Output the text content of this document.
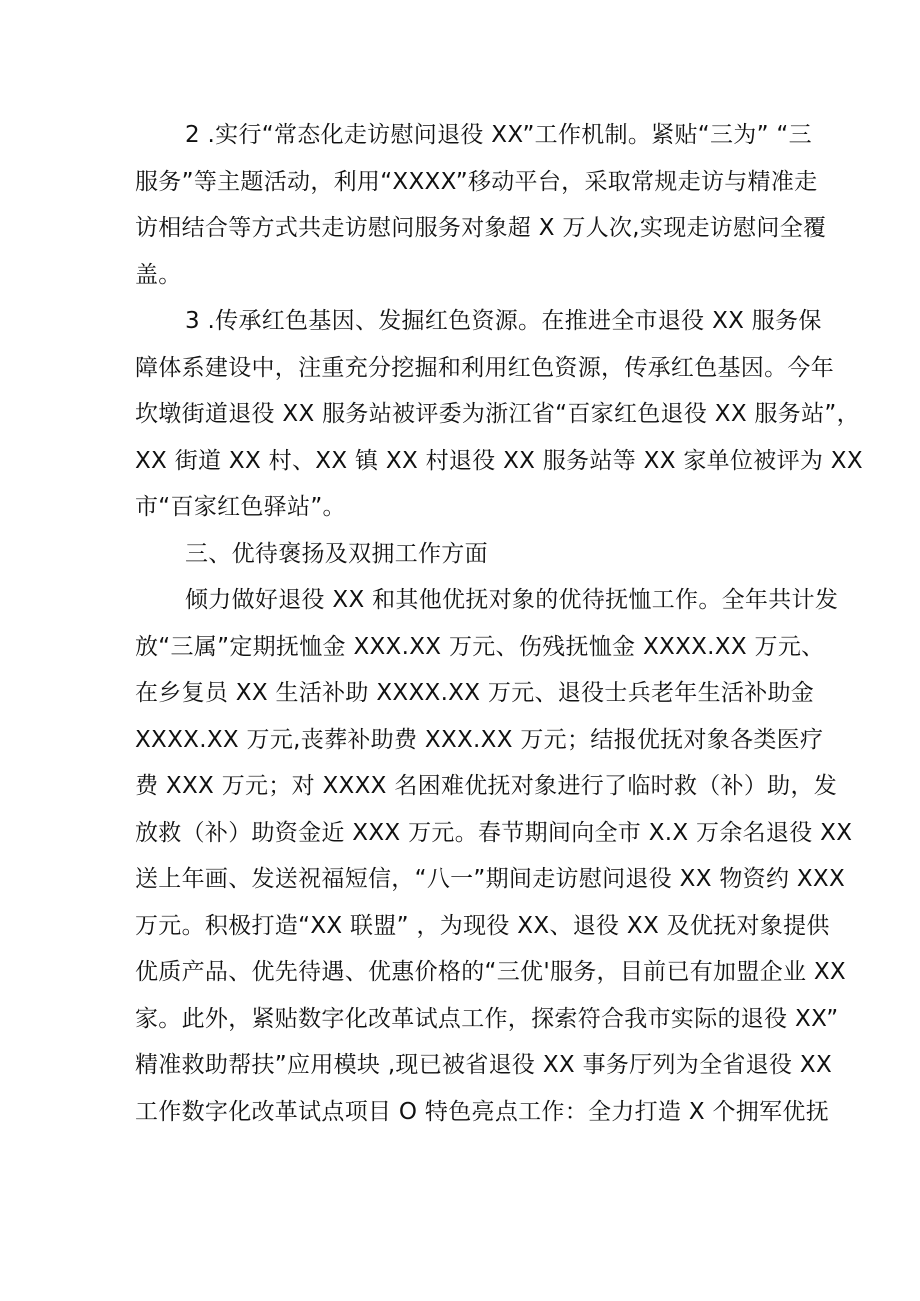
2 .实行“常态化走访慰问退役 XX”工作机制。紧贴“三为” “三
服务”等主题活动，利用“XXXX”移动平台，采取常规走访与精准走
访相结合等方式共走访慰问服务对象超 X 万人次,实现走访慰问全覆
盖。
3 .传承红色基因、发掘红色资源。在推进全市退役 XX 服务保
障体系建设中，注重充分挖掘和利用红色资源，传承红色基因。今年
坎墩街道退役 XX 服务站被评委为浙江省“百家红色退役 XX 服务站”，
XX 街道 XX 村、XX 镇 XX 村退役 XX 服务站等 XX 家单位被评为 XX
市“百家红色驿站”。
三、优待褒扬及双拥工作方面
倾力做好退役 XX 和其他优抚对象的优待抚恤工作。全年共计发
放“三属”定期抚恤金 XXX.XX 万元、伤残抚恤金 XXXX.XX 万元、
在乡复员 XX 生活补助 XXXX.XX 万元、退役士兵老年生活补助金
XXXX.XX 万元,丧葬补助费 XXX.XX 万元；结报优抚对象各类医疗
费 XXX 万元；对 XXXX 名困难优抚对象进行了临时救（补）助，发
放救（补）助资金近 XXX 万元。春节期间向全市 X.X 万余名退役 XX
送上年画、发送祝福短信，“八一”期间走访慰问退役 XX 物资约 XXX
万元。积极打造“XX 联盟” ，为现役 XX、退役 XX 及优抚对象提供
优质产品、优先待遇、优惠价格的“三优'服务，目前已有加盟企业 XX
家。此外，紧贴数字化改革试点工作，探索符合我市实际的退役 XX”
精准救助帮扶”应用模块 ,现已被省退役 XX 事务厅列为全省退役 XX
工作数字化改革试点项目 O 特色亮点工作：全力打造 X 个拥军优抚
